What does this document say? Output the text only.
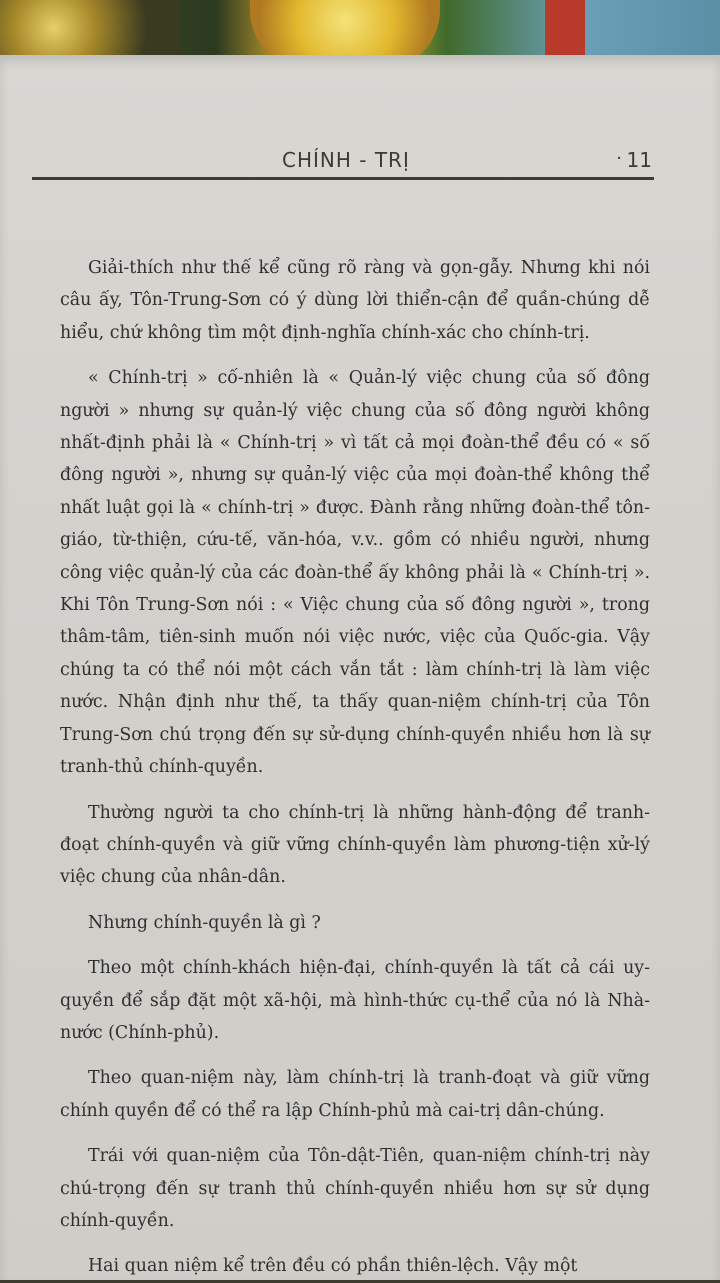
CHÍNH - TRỊ	· 11

Giải-thích như thế kể cũng rõ ràng và gọn-gẫy. Nhưng khi nói câu ấy, Tôn-Trung-Sơn có ý dùng lời thiển-cận để quần-chúng dễ hiểu, chứ không tìm một định-nghĩa chính-xác cho chính-trị.

« Chính-trị » cố-nhiên là « Quản-lý việc chung của số đông người » nhưng sự quản-lý việc chung của số đông người không nhất-định phải là « Chính-trị » vì tất cả mọi đoàn-thể đều có « số đông người », nhưng sự quản-lý việc của mọi đoàn-thể không thể nhất luật gọi là « chính-trị » được. Đành rằng những đoàn-thể tôn-giáo, từ-thiện, cứu-tế, văn-hóa, v.v.. gồm có nhiều người, nhưng công việc quản-lý của các đoàn-thể ấy không phải là « Chính-trị ». Khi Tôn Trung-Sơn nói : « Việc chung của số đông người », trong thâm-tâm, tiên-sinh muốn nói việc nước, việc của Quốc-gia. Vậy chúng ta có thể nói một cách vắn tắt : làm chính-trị là làm việc nước. Nhận định như thế, ta thấy quan-niệm chính-trị của Tôn Trung-Sơn chú trọng đến sự sử-dụng chính-quyền nhiều hơn là sự tranh-thủ chính-quyền.

Thường người ta cho chính-trị là những hành-động để tranh-đoạt chính-quyền và giữ vững chính-quyền làm phương-tiện xử-lý việc chung của nhân-dân.

Nhưng chính-quyền là gì ?

Theo một chính-khách hiện-đại, chính-quyền là tất cả cái uy-quyền để sắp đặt một xã-hội, mà hình-thức cụ-thể của nó là Nhà-nước (Chính-phủ).

Theo quan-niệm này, làm chính-trị là tranh-đoạt và giữ vững chính quyền để có thể ra lập Chính-phủ mà cai-trị dân-chúng.

Trái với quan-niệm của Tôn-dật-Tiên, quan-niệm chính-trị này chú-trọng đến sự tranh thủ chính-quyền nhiều hơn sự sử dụng chính-quyền.

Hai quan niệm kể trên đều có phần thiên-lệch. Vậy một
